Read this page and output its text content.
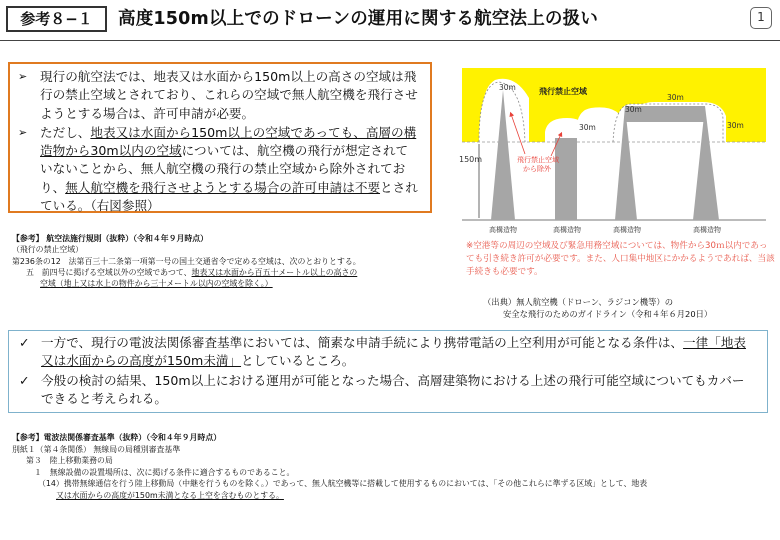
参考８−１	高度150m以上でのドローンの運用に関する航空法上の扱い	1
➢ 現行の航空法では、地表又は水面から150m以上の高さの空域は飛行の禁止空域とされており、これらの空域で無人航空機を飛行させようとする場合は、許可申請が必要。
➢ ただし、地表又は水面から150m以上の空域であっても、高層の構造物から30m以内の空域については、航空機の飛行が想定されていないことから、無人航空機の飛行の禁止空域から除外されており、無人航空機を飛行させようとする場合の許可申請は不要とされている。（右図参照）
【参考】 航空法施行規則（抜粋）（令和４年９月時点）
（飛行の禁止空域）
第236条の12　法第百三十二条第一項第一号の国土交通省令で定める空域は、次のとおりとする。
五　前四号に掲げる空域以外の空域であつて、地表又は水面から百五十メートル以上の高さの
空域（地上又は水上の物件から三十メートル以内の空域を除く。）
150m
30m
30m
30m
30m
30m
飛行禁止空域
飛行禁止空域
から除外
高構造物	高構造物	高構造物	高構造物
※空港等の周辺の空域及び緊急用務空域については、物件から30ｍ以内であっても引き続き許可が必要です。また、人口集中地区にかかるようであれば、当該手続きも必要です。
（出典）無人航空機（ドローン、ラジコン機等）の
安全な飛行のためのガイドライン（令和４年６月20日）
✓ 一方で、現行の電波法関係審査基準においては、簡素な申請手続により携帯電話の上空利用が可能となる条件は、一律「地表又は水面からの高度が150m未満」としているところ。
✓ 今般の検討の結果、150m以上における運用が可能となった場合、高層建築物における上述の飛行可能空域についてもカバーできると考えられる。
【参考】電波法関係審査基準（抜粋）（令和４年９月時点）
別紙１（第４条関係） 無線局の局種別審査基準
第３　陸上移動業務の局
１　無線設備の設置場所は、次に掲げる条件に適合するものであること。
（14）携帯無線通信を行う陸上移動局（中継を行うものを除く。）であって、無人航空機等に搭載して使用するものにおいては、「その他これらに準ずる区域」として、地表
又は水面からの高度が150m未満となる上空を含むものとする。
